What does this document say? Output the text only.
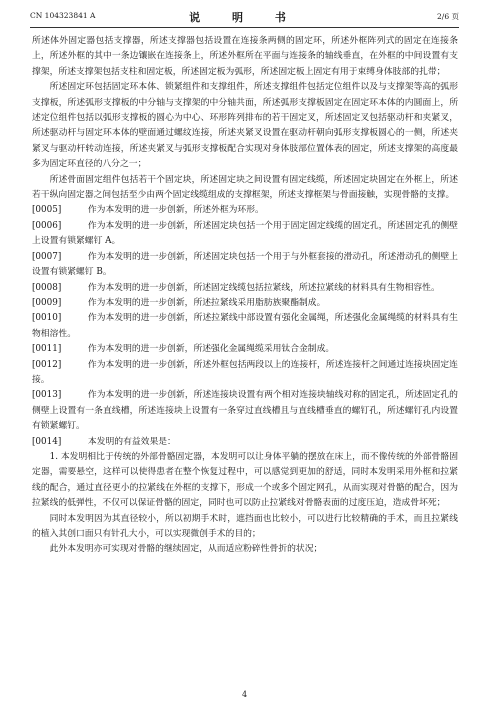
CN 104323841 A	说 明 书	2/6 页

所述体外固定器包括支撑器，所述支撑器包括设置在连接条两侧的固定环，所述外框阵列式的固定在连接条上，所述外框的其中一条边镶嵌在连接条上，所述外框所在平面与连接条的轴线垂直，在外框的中间设置有支撑架，所述支撑架包括支柱和固定板，所述固定板为弧形，所述固定板上固定有用于束缚身体肢部的扎带；

所述固定环包括固定环本体、锁紧组件和支撑组件，所述支撑组件包括定位组件以及与支撑架等高的弧形支撑板，所述弧形支撑板的中分轴与支撑架的中分轴共面，所述弧形支撑板固定在固定环本体的内圆面上，所述定位组件包括以弧形支撑板的圆心为中心、环形阵列排布的若干固定叉，所述固定叉包括驱动杆和夹紧叉，所述驱动杆与固定环本体的壁面通过螺纹连接，所述夹紧叉设置在驱动杆朝向弧形支撑板圆心的一侧，所述夹紧叉与驱动杆转动连接，所述夹紧叉与弧形支撑板配合实现对身体肢部位置体表的固定，所述支撑架的高度最多为固定环直径的八分之一；

所述骨面固定组件包括若干个固定块，所述固定块之间设置有固定线缆，所述固定块固定在外框上，所述若干纵向固定器之间包括至少由两个固定线缆组成的支撑框架，所述支撑框架与骨面接触，实现骨骼的支撑。

[0005]　　	作为本发明的进一步创新，所述外框为环形。

[0006]　　	作为本发明的进一步创新，所述固定块包括一个用于固定固定线缆的固定孔，所述固定孔的侧壁上设置有锁紧螺钉 A。

[0007]　　	作为本发明的进一步创新，所述固定块包括一个用于与外框套接的滑动孔，所述滑动孔的侧壁上设置有锁紧螺钉 B。

[0008]　　	作为本发明的进一步创新，所述固定线缆包括拉紧线，所述拉紧线的材料具有生物相容性。

[0009]　　	作为本发明的进一步创新，所述拉紧线采用脂肪族聚酯制成。

[0010]　　	作为本发明的进一步创新，所述拉紧线中部设置有强化金属绳，所述强化金属绳缆的材料具有生物相溶性。

[0011]　　	作为本发明的进一步创新，所述强化金属绳缆采用钛合金制成。

[0012]　　	作为本发明的进一步创新，所述外框包括两段以上的连接杆，所述连接杆之间通过连接块固定连接。

[0013]　　	作为本发明的进一步创新，所述连接块设置有两个相对连接块轴线对称的固定孔，所述固定孔的侧壁上设置有一条直线槽，所述连接块上设置有一条穿过直线槽且与直线槽垂直的螺钉孔，所述螺钉孔内设置有锁紧螺钉。

[0014]　　	本发明的有益效果是：

1. 本发明相比于传统的外部骨骼固定器，本发明可以让身体平躺的摆放在床上，而不像传统的外部骨骼固定器，需要悬空，这样可以使得患者在整个恢复过程中，可以感觉到更加的舒适，同时本发明采用外框和拉紧线的配合，通过直径更小的拉紧线在外框的支撑下，形成一个或多个固定网孔，从而实现对骨骼的配合，因为拉紧线的低弹性，不仅可以保证骨骼的固定，同时也可以防止拉紧线对骨骼表面的过度压迫，造成骨坏死；

同时本发明因为其直径较小，所以初期手术时，遮挡面也比较小，可以进行比较精确的手术，而且拉紧线的植入其创口面只有针孔大小，可以实现微创手术的目的；

此外本发明亦可实现对骨骼的继续固定，从而适应粉碎性骨折的状况；

4
